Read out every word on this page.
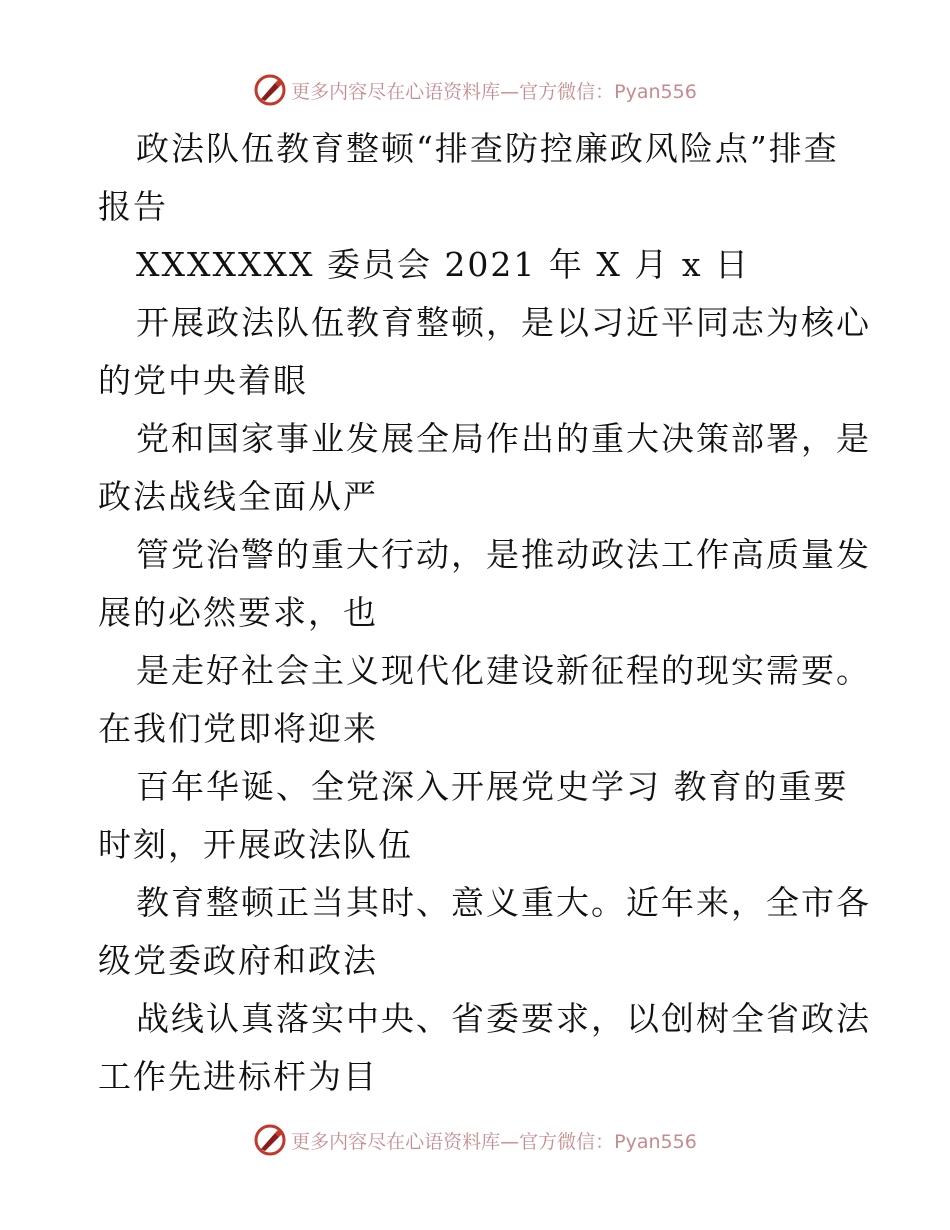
更多内容尽在心语资料库—官方微信：Pyan556
政法队伍教育整顿“排查防控廉政风险点”排查
报告
XXXXXXX 委员会 2021 年 X 月 x 日
开展政法队伍教育整顿，是以习近平同志为核心
的党中央着眼
党和国家事业发展全局作出的重大决策部署，是
政法战线全面从严
管党治警的重大行动，是推动政法工作高质量发
展的必然要求，也
是走好社会主义现代化建设新征程的现实需要。
在我们党即将迎来
百年华诞、全党深入开展党史学习 教育的重要
时刻，开展政法队伍
教育整顿正当其时、意义重大。近年来，全市各
级党委政府和政法
战线认真落实中央、省委要求，以创树全省政法
工作先进标杆为目
更多内容尽在心语资料库—官方微信：Pyan556
